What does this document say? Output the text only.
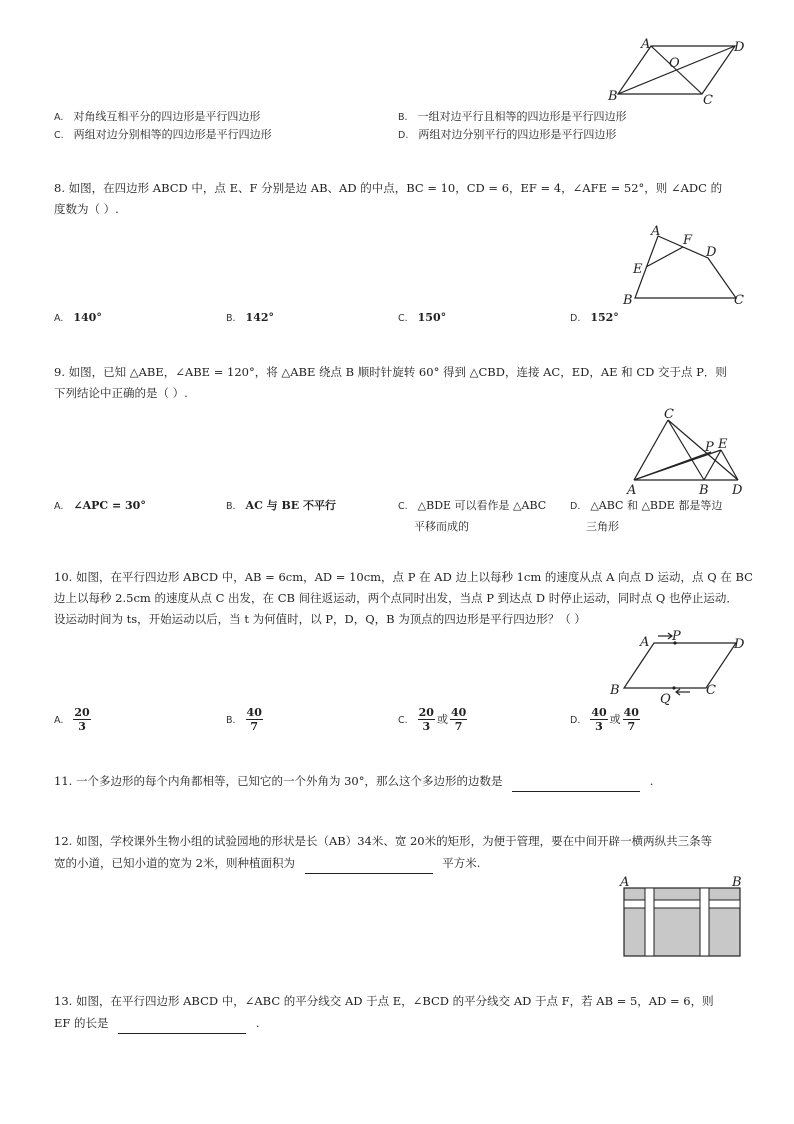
A	D
O
B	C
A. 对角线互相平分的四边形是平行四边形	B. 一组对边平行且相等的四边形是平行四边形
C. 两组对边分别相等的四边形是平行四边形	D. 两组对边分别平行的四边形是平行四边形
8. 如图，在四边形 ABCD 中，点 E、F 分别是边 AB、AD 的中点，BC = 10，CD = 6，EF = 4，∠AFE = 52°，则 ∠ADC 的
度数为（ ）.
A
F
D
E
B	C
A. 140°	B. 142°	C. 150°	D. 152°
9. 如图，已知 △ABE，∠ABE = 120°，将 △ABE 绕点 B 顺时针旋转 60° 得到 △CBD，连接 AC，ED，AE 和 CD 交于点 P．则
下列结论中正确的是（ ）.
C
P E
A	B D
A. ∠APC = 30°	B. AC 与 BE 不平行	C. △BDE 可以看作是 △ABC
平移而成的
D. △ABC 和 △BDE 都是等边
三角形
10. 如图，在平行四边形 ABCD 中，AB = 6cm，AD = 10cm，点 P 在 AD 边上以每秒 1cm 的速度从点 A 向点 D 运动，点 Q 在 BC
边上以每秒 2.5cm 的速度从点 C 出发，在 CB 间往返运动，两个点同时出发，当点 P 到达点 D 时停止运动，同时点 Q 也停止运动．
设运动时间为 ts，开始运动以后，当 t 为何值时，以 P，D，Q，B 为顶点的四边形是平行四边形？（ ）
A P
D
B
Q
C
A. $\frac{20}{3}$	B. $\frac{40}{7}$	C. $\frac{20}{3}$ 或 $\frac{40}{7}$	D. $\frac{40}{3}$ 或 $\frac{40}{7}$
11. 一个多边形的每个内角都相等，已知它的一个外角为 30°，那么这个多边形的边数是	.
12. 如图，学校课外生物小组的试验园地的形状是长（AB）34米、宽 20米的矩形，为便于管理，要在中间开辟一横两纵共三条等
宽的小道，已知小道的宽为 2米，则种植面积为	平方米.
A	B
13. 如图，在平行四边形 ABCD 中，∠ABC 的平分线交 AD 于点 E，∠BCD 的平分线交 AD 于点 F，若 AB = 5，AD = 6，则
EF 的长是	.
